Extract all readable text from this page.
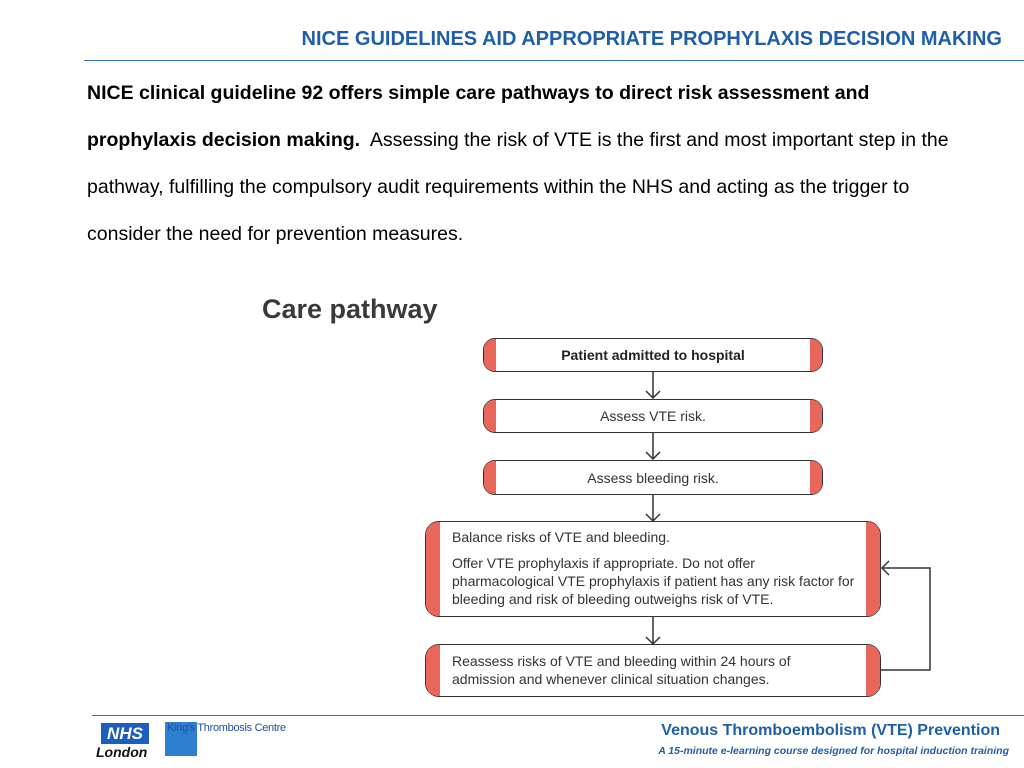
NICE GUIDELINES AID APPROPRIATE PROPHYLAXIS DECISION MAKING
NICE clinical guideline 92 offers simple care pathways to direct risk assessment and prophylaxis decision making. Assessing the risk of VTE is the first and most important step in the pathway, fulfilling the compulsory audit requirements within the NHS and acting as the trigger to consider the need for prevention measures.
Care pathway
Patient admitted to hospital
Assess VTE risk.
Assess bleeding risk.
Balance risks of VTE and bleeding.
Offer VTE prophylaxis if appropriate. Do not offer pharmacological VTE prophylaxis if patient has any risk factor for bleeding and risk of bleeding outweighs risk of VTE.
Reassess risks of VTE and bleeding within 24 hours of admission and whenever clinical situation changes.
NHS
London
King's Thrombosis Centre	Venous Thromboembolism (VTE) Prevention
A 15-minute e-learning course designed for hospital induction training
